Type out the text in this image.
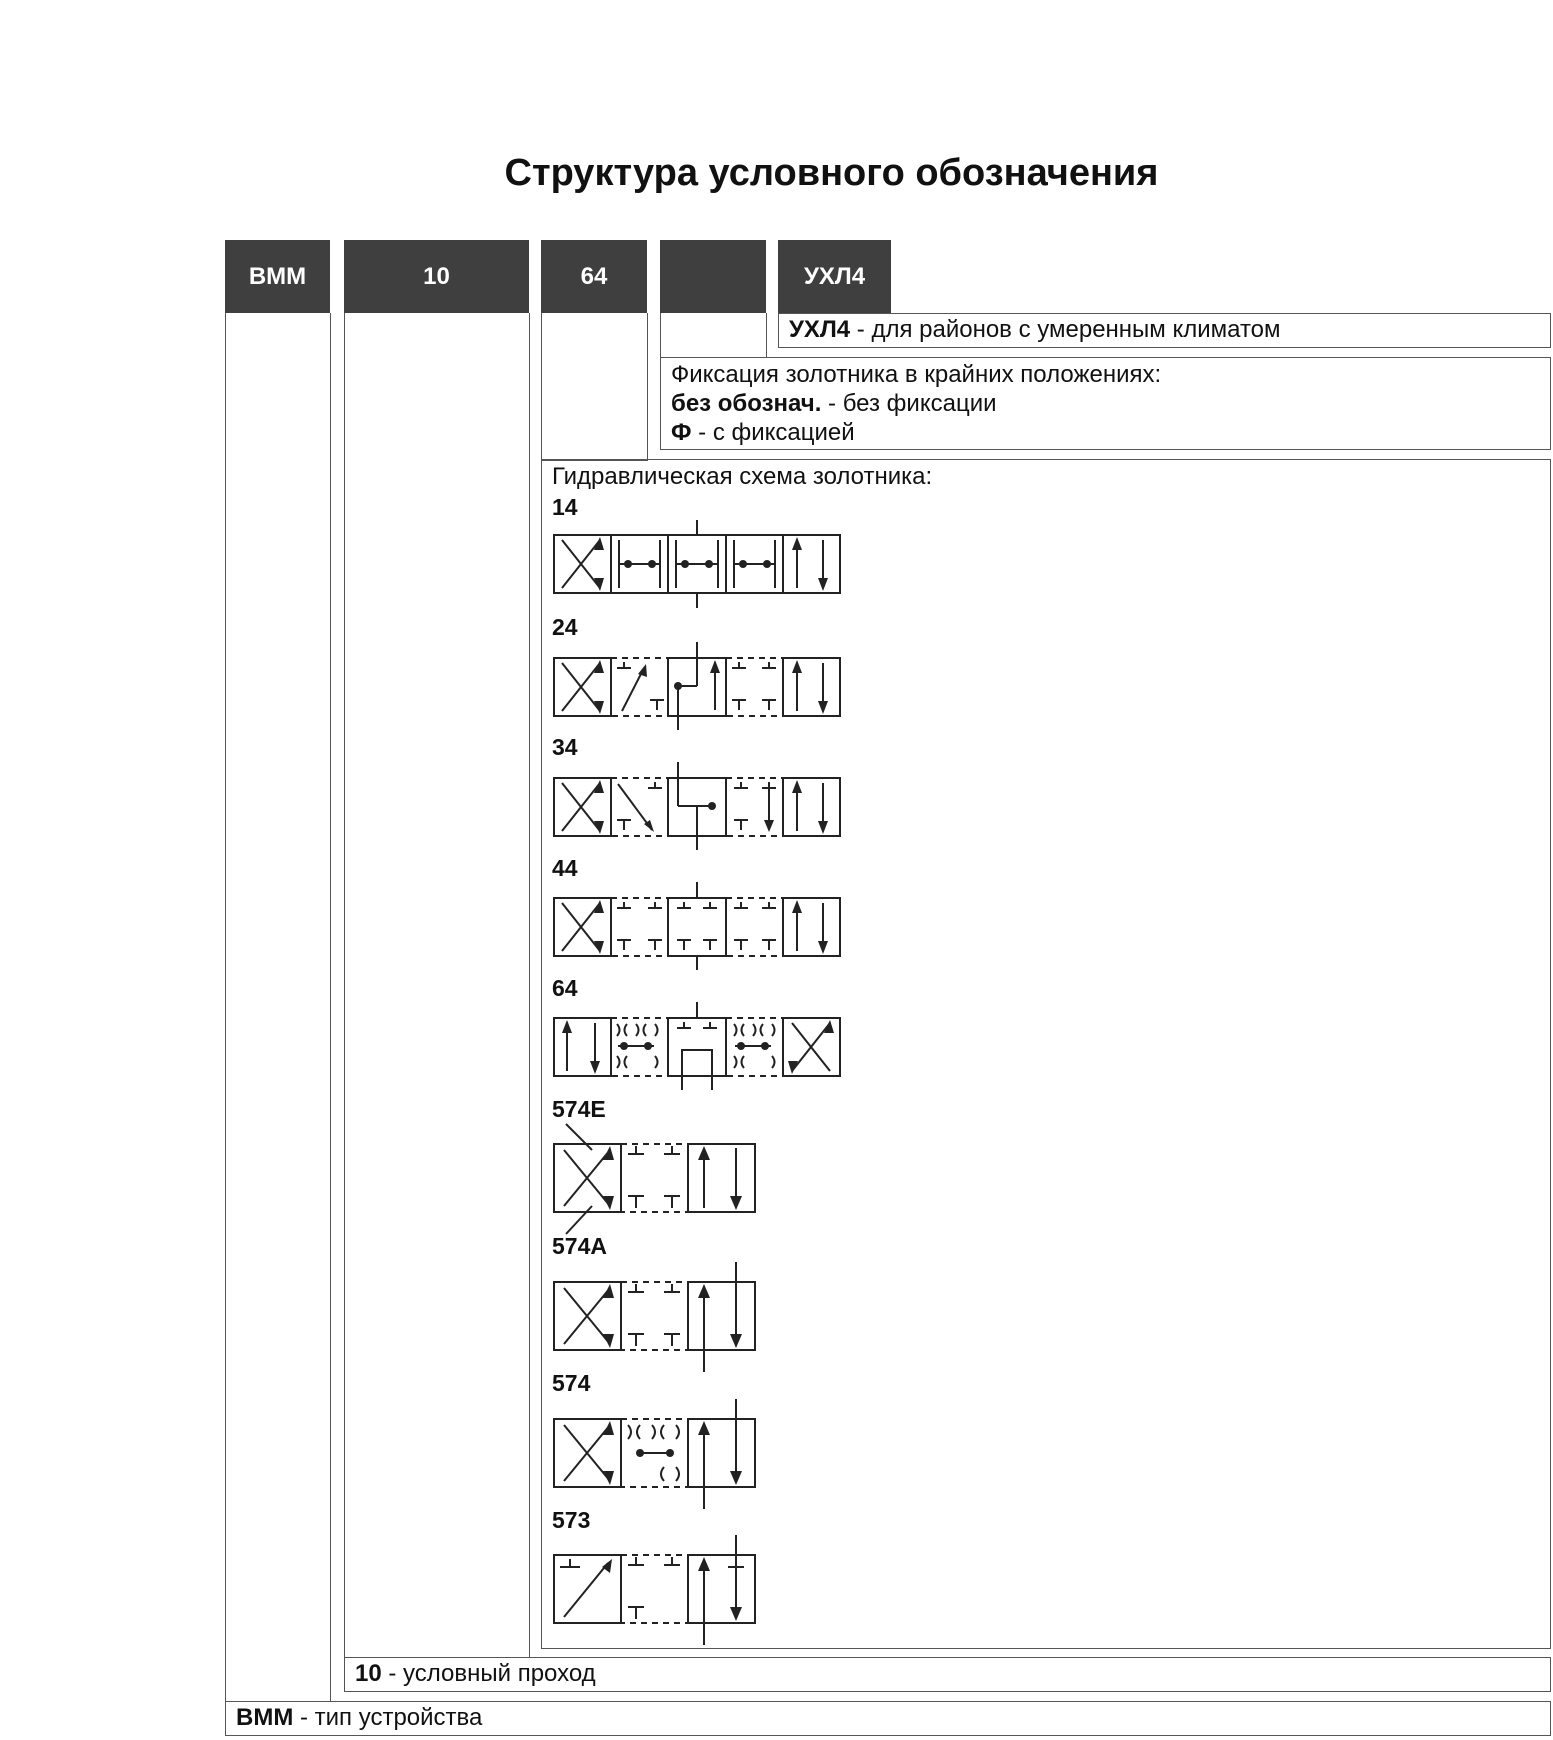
Структура условного обозначения
ВММ	10	64	УХЛ4
УХЛ4 - для районов с умеренным климатом
Фиксация золотника в крайних положениях:
без обознач. - без фиксации
Ф - с фиксацией
Гидравлическая схема золотника:
14
24
34
44
64
574Е
574А
574
573
10 - условный проход
ВММ - тип устройства
